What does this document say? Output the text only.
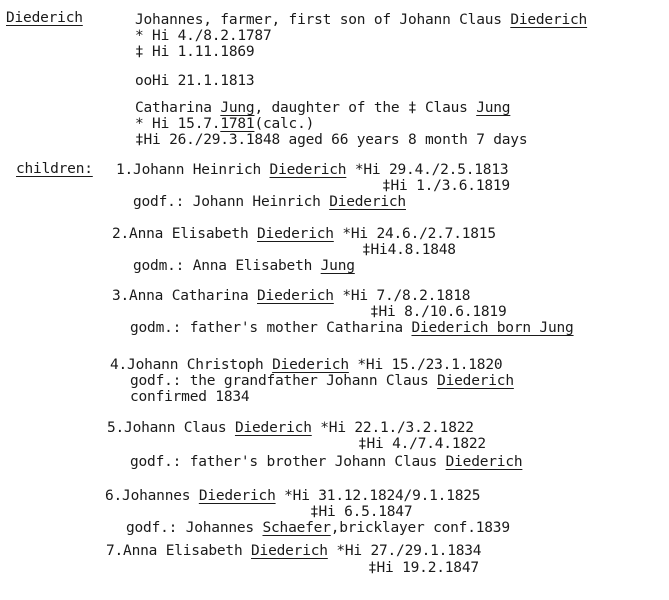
Diederich	Johannes, farmer, first son of Johann Claus Diederich
* Hi 4./8.2.1787
‡ Hi 1.11.1869
ooHi 21.1.1813
Catharina Jung, daughter of the ‡ Claus Jung
* Hi 15.7.1781(calc.)
‡Hi 26./29.3.1848 aged 66 years 8 month 7 days
children: 1.Johann Heinrich Diederich *Hi 29.4./2.5.1813
‡Hi 1./3.6.1819
godf.: Johann Heinrich Diederich
2.Anna Elisabeth Diederich *Hi 24.6./2.7.1815
‡Hi4.8.1848
godm.: Anna Elisabeth Jung
3.Anna Catharina Diederich *Hi 7./8.2.1818
‡Hi 8./10.6.1819
godm.: father's mother Catharina Diederich born Jung
4.Johann Christoph Diederich *Hi 15./23.1.1820
godf.: the grandfather Johann Claus Diederich
confirmed 1834
5.Johann Claus Diederich *Hi 22.1./3.2.1822
‡Hi 4./7.4.1822
godf.: father's brother Johann Claus Diederich
6.Johannes Diederich *Hi 31.12.1824/9.1.1825
‡Hi 6.5.1847
godf.: Johannes Schaefer,bricklayer conf.1839
7.Anna Elisabeth Diederich *Hi 27./29.1.1834
‡Hi 19.2.1847
